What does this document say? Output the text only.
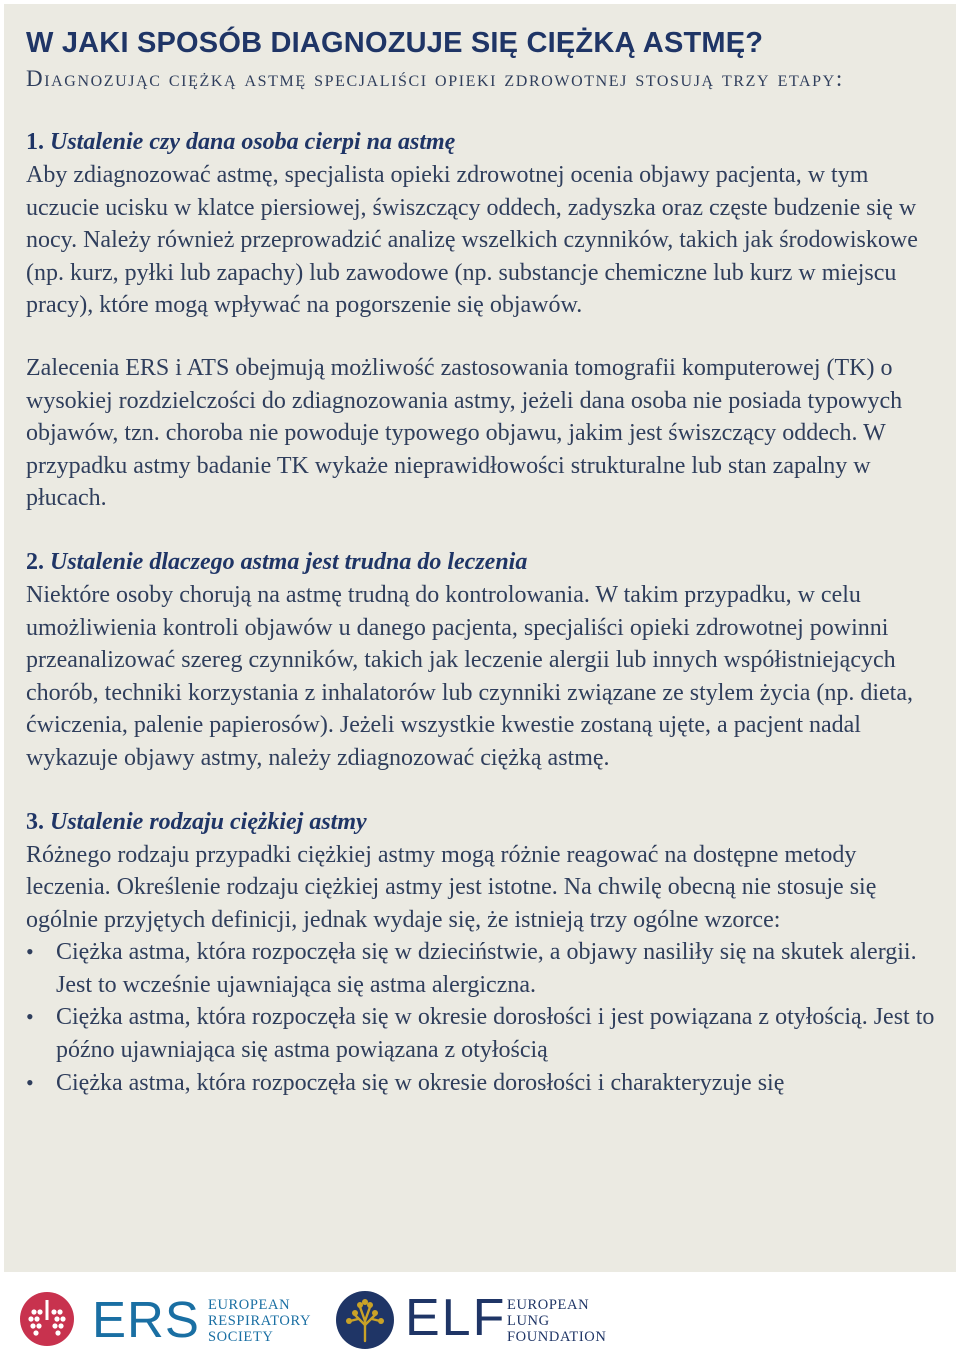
W JAKI SPOSÓB DIAGNOZUJE SIĘ CIĘŻKĄ ASTMĘ?

Diagnozując ciężką astmę specjaliści opieki zdrowotnej stosują trzy etapy:

1. Ustalenie czy dana osoba cierpi na astmę

Aby zdiagnozować astmę, specjalista opieki zdrowotnej ocenia objawy pacjenta, w tym uczucie ucisku w klatce piersiowej, świszczący oddech, zadyszka oraz częste budzenie się w nocy. Należy również przeprowadzić analizę wszelkich czynników, takich jak środowiskowe (np. kurz, pyłki lub zapachy) lub zawodowe (np. substancje chemiczne lub kurz w miejscu pracy), które mogą wpływać na pogorszenie się objawów.

Zalecenia ERS i ATS obejmują możliwość zastosowania tomografii komputerowej (TK) o wysokiej rozdzielczości do zdiagnozowania astmy, jeżeli dana osoba nie posiada typowych objawów, tzn. choroba nie powoduje typowego objawu, jakim jest świszczący oddech. W przypadku astmy badanie TK wykaże nieprawidłowości strukturalne lub stan zapalny w płucach.

2. Ustalenie dlaczego astma jest trudna do leczenia

Niektóre osoby chorują na astmę trudną do kontrolowania. W takim przypadku, w celu umożliwienia kontroli objawów u danego pacjenta, specjaliści opieki zdrowotnej powinni przeanalizować szereg czynników, takich jak leczenie alergii lub innych współistniejących chorób, techniki korzystania z inhalatorów lub czynniki związane ze stylem życia (np. dieta, ćwiczenia, palenie papierosów). Jeżeli wszystkie kwestie zostaną ujęte, a pacjent nadal wykazuje objawy astmy, należy zdiagnozować ciężką astmę.

3. Ustalenie rodzaju ciężkiej astmy

Różnego rodzaju przypadki ciężkiej astmy mogą różnie reagować na dostępne metody leczenia. Określenie rodzaju ciężkiej astmy jest istotne. Na chwilę obecną nie stosuje się ogólnie przyjętych definicji, jednak wydaje się, że istnieją trzy ogólne wzorce:

• Ciężka astma, która rozpoczęła się w dzieciństwie, a objawy nasiliły się na skutek alergii. Jest to wcześnie ujawniająca się astma alergiczna.
• Ciężka astma, która rozpoczęła się w okresie dorosłości i jest powiązana z otyłością. Jest to późno ujawniająca się astma powiązana z otyłością
• Ciężka astma, która rozpoczęła się w okresie dorosłości i charakteryzuje się
ERS EUROPEAN
RESPIRATORY
SOCIETY	ELF EUROPEAN
LUNG
FOUNDATION
